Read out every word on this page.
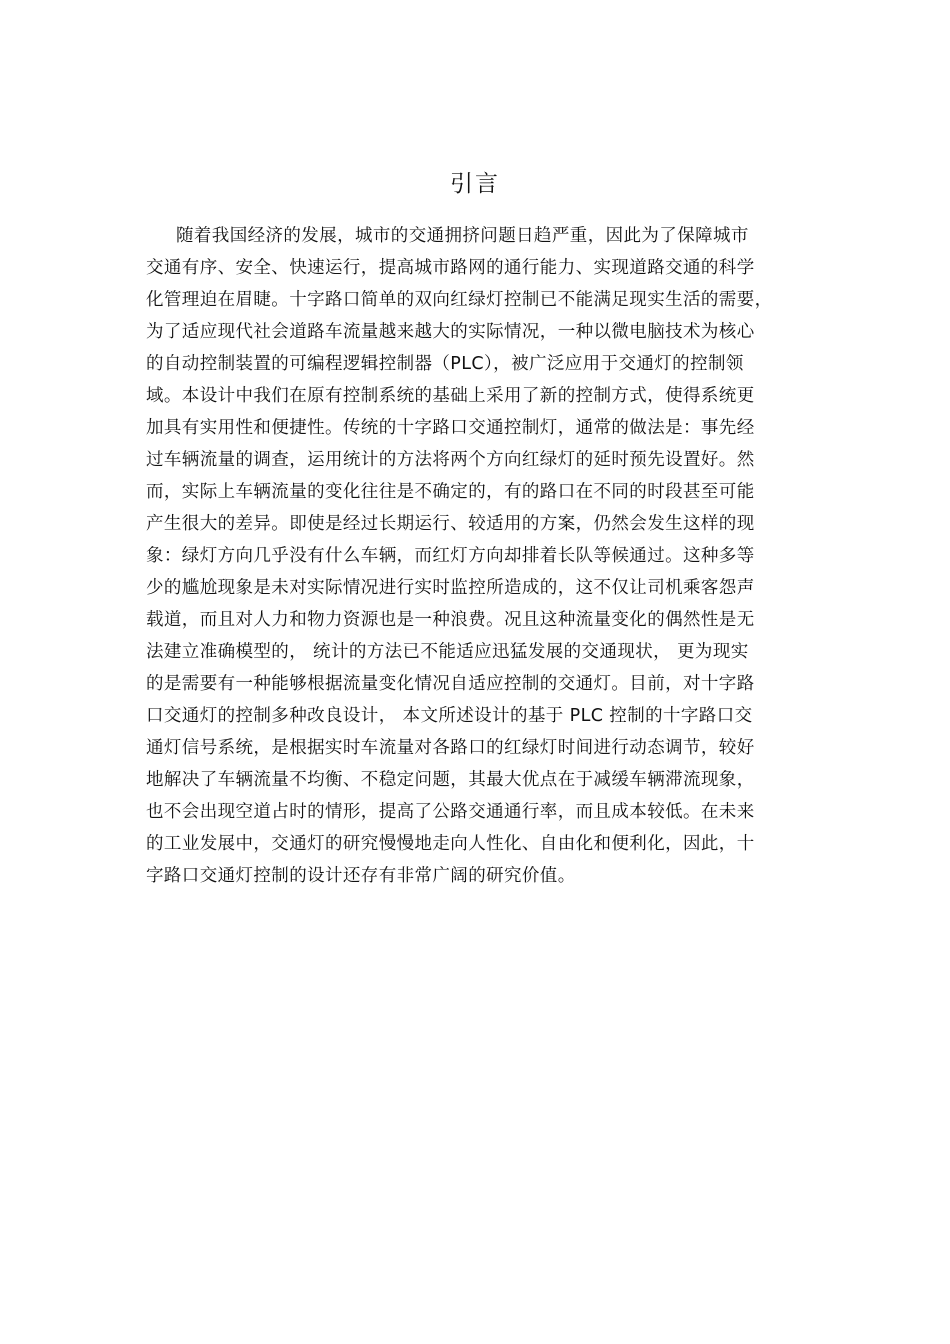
引言
随着我国经济的发展，城市的交通拥挤问题日趋严重，因此为了保障城市
交通有序、安全、快速运行，提高城市路网的通行能力、实现道路交通的科学
化管理迫在眉睫。十字路口简单的双向红绿灯控制已不能满足现实生活的需要，
为了适应现代社会道路车流量越来越大的实际情况，一种以微电脑技术为核心
的自动控制装置的可编程逻辑控制器（PLC），被广泛应用于交通灯的控制领
域。本设计中我们在原有控制系统的基础上采用了新的控制方式，使得系统更
加具有实用性和便捷性。传统的十字路口交通控制灯，通常的做法是：事先经
过车辆流量的调查，运用统计的方法将两个方向红绿灯的延时预先设置好。然
而，实际上车辆流量的变化往往是不确定的，有的路口在不同的时段甚至可能
产生很大的差异。即使是经过长期运行、较适用的方案，仍然会发生这样的现
象：绿灯方向几乎没有什么车辆，而红灯方向却排着长队等候通过。这种多等
少的尴尬现象是未对实际情况进行实时监控所造成的，这不仅让司机乘客怨声
载道，而且对人力和物力资源也是一种浪费。况且这种流量变化的偶然性是无
法建立准确模型的， 统计的方法已不能适应迅猛发展的交通现状， 更为现实
的是需要有一种能够根据流量变化情况自适应控制的交通灯。目前，对十字路
口交通灯的控制多种改良设计， 本文所述设计的基于 PLC 控制的十字路口交
通灯信号系统，是根据实时车流量对各路口的红绿灯时间进行动态调节，较好
地解决了车辆流量不均衡、不稳定问题，其最大优点在于减缓车辆滞流现象，
也不会出现空道占时的情形，提高了公路交通通行率，而且成本较低。在未来
的工业发展中，交通灯的研究慢慢地走向人性化、自由化和便利化，因此，十
字路口交通灯控制的设计还存有非常广阔的研究价值。
